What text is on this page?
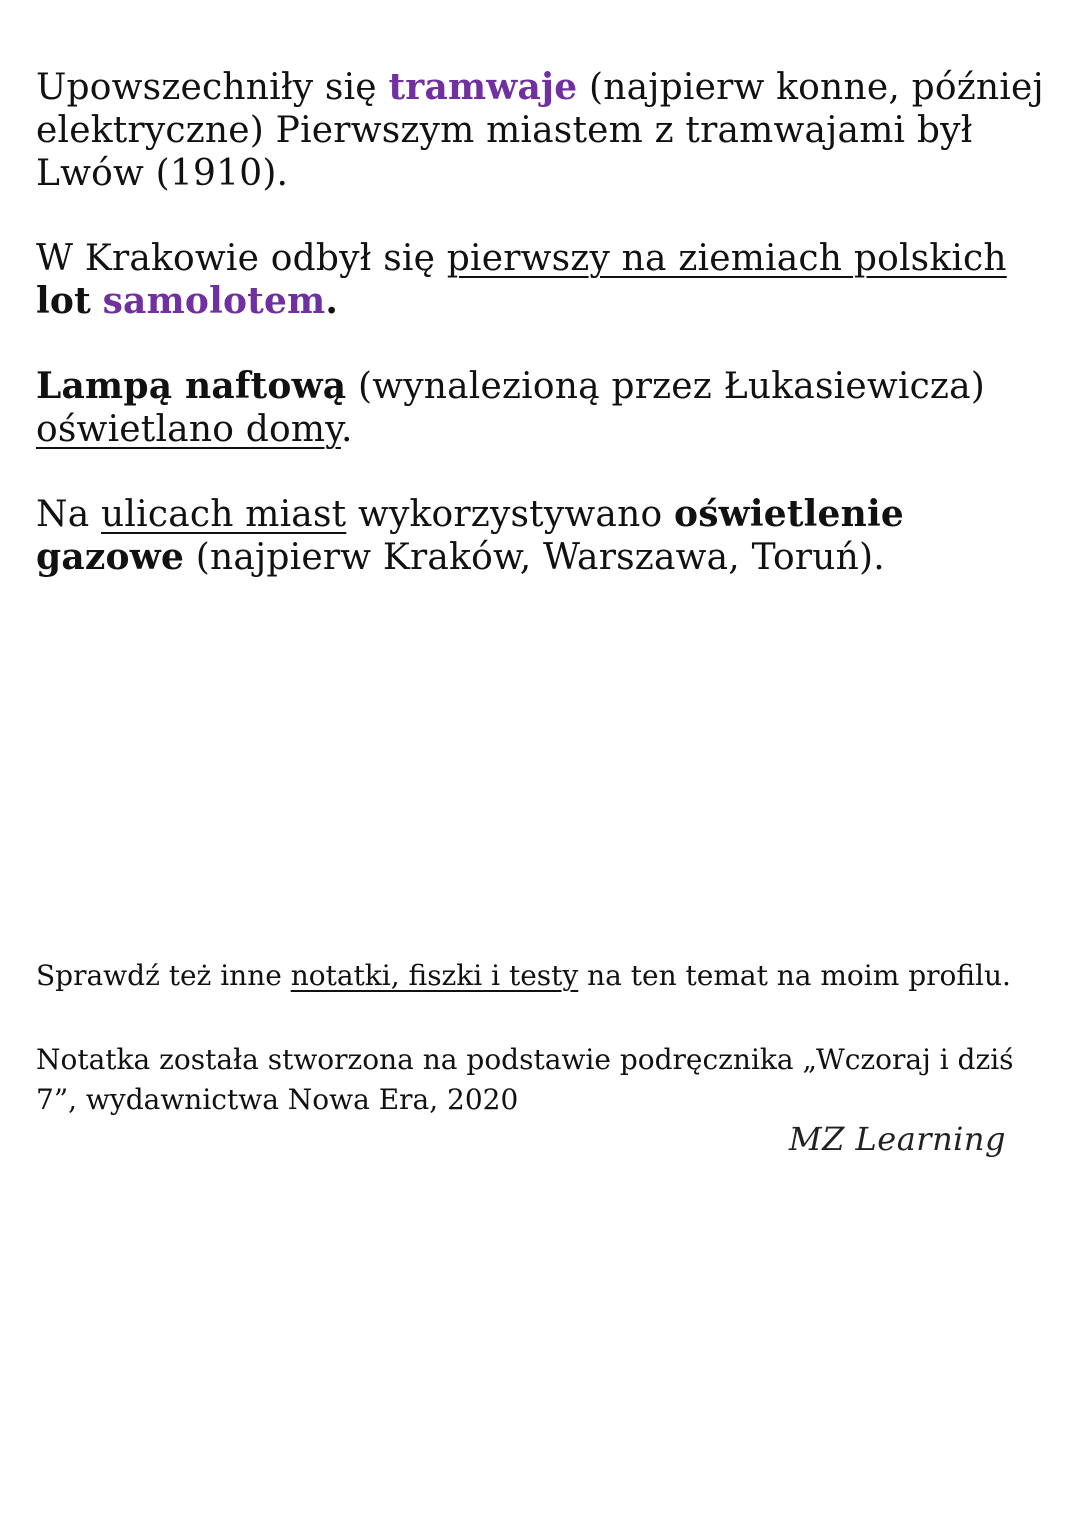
Upowszechniły się tramwaje (najpierw konne, później elektryczne) Pierwszym miastem z tramwajami był Lwów (1910).

W Krakowie odbył się pierwszy na ziemiach polskich lot samolotem.

Lampą naftową (wynalezioną przez Łukasiewicza) oświetlano domy.

Na ulicach miast wykorzystywano oświetlenie gazowe (najpierw Kraków, Warszawa, Toruń).

Sprawdź też inne notatki, fiszki i testy na ten temat na moim profilu.

Notatka została stworzona na podstawie podręcznika „Wczoraj i dziś 7”, wydawnictwa Nowa Era, 2020

MZ Learning
